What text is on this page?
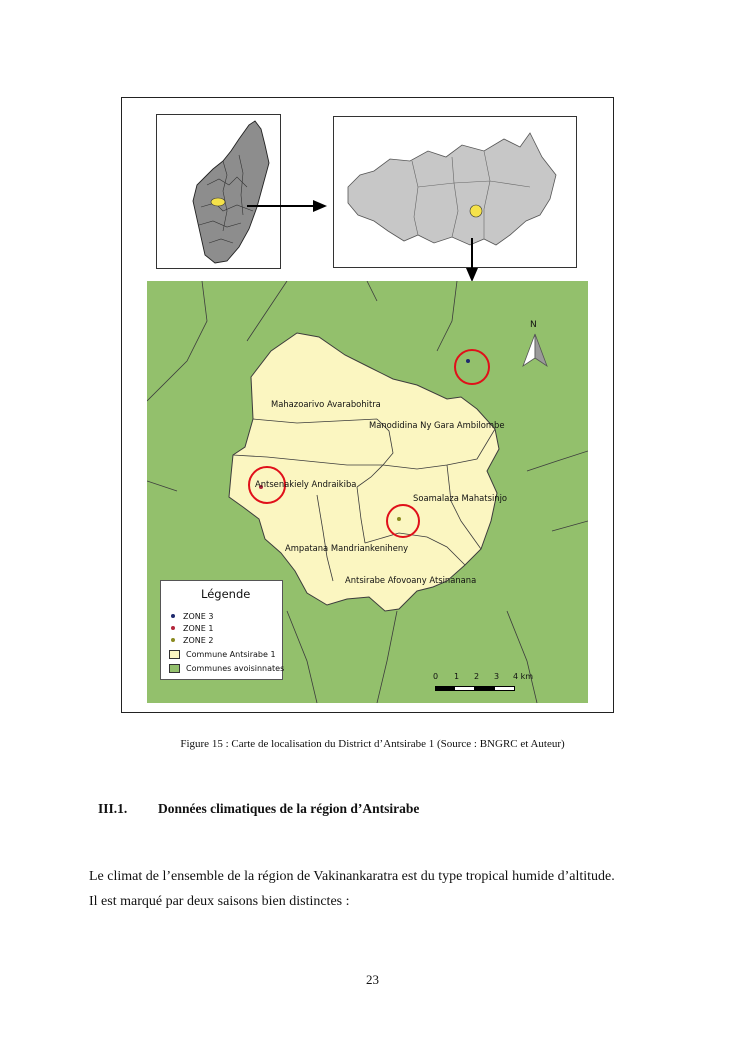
Mahazoarivo Avarabohitra
Manodidina Ny Gara Ambilombe
Antsenakiely Andraikiba
Soamalaza Mahatsinjo
Ampatana Mandriankeniheny
Antsirabe Afovoany Atsinanana
N
Légende
ZONE 3
ZONE 1
ZONE 2
Commune Antsirabe 1
Communes avoisinnates
0 1 2 3 4 km
Figure 15 : Carte de localisation du District d’Antsirabe 1 (Source : BNGRC et Auteur)
III.1. Données climatiques de la région d’Antsirabe
Le climat de l’ensemble de la région de Vakinankaratra est du type tropical humide d’altitude.
Il est marqué par deux saisons bien distinctes :
23
